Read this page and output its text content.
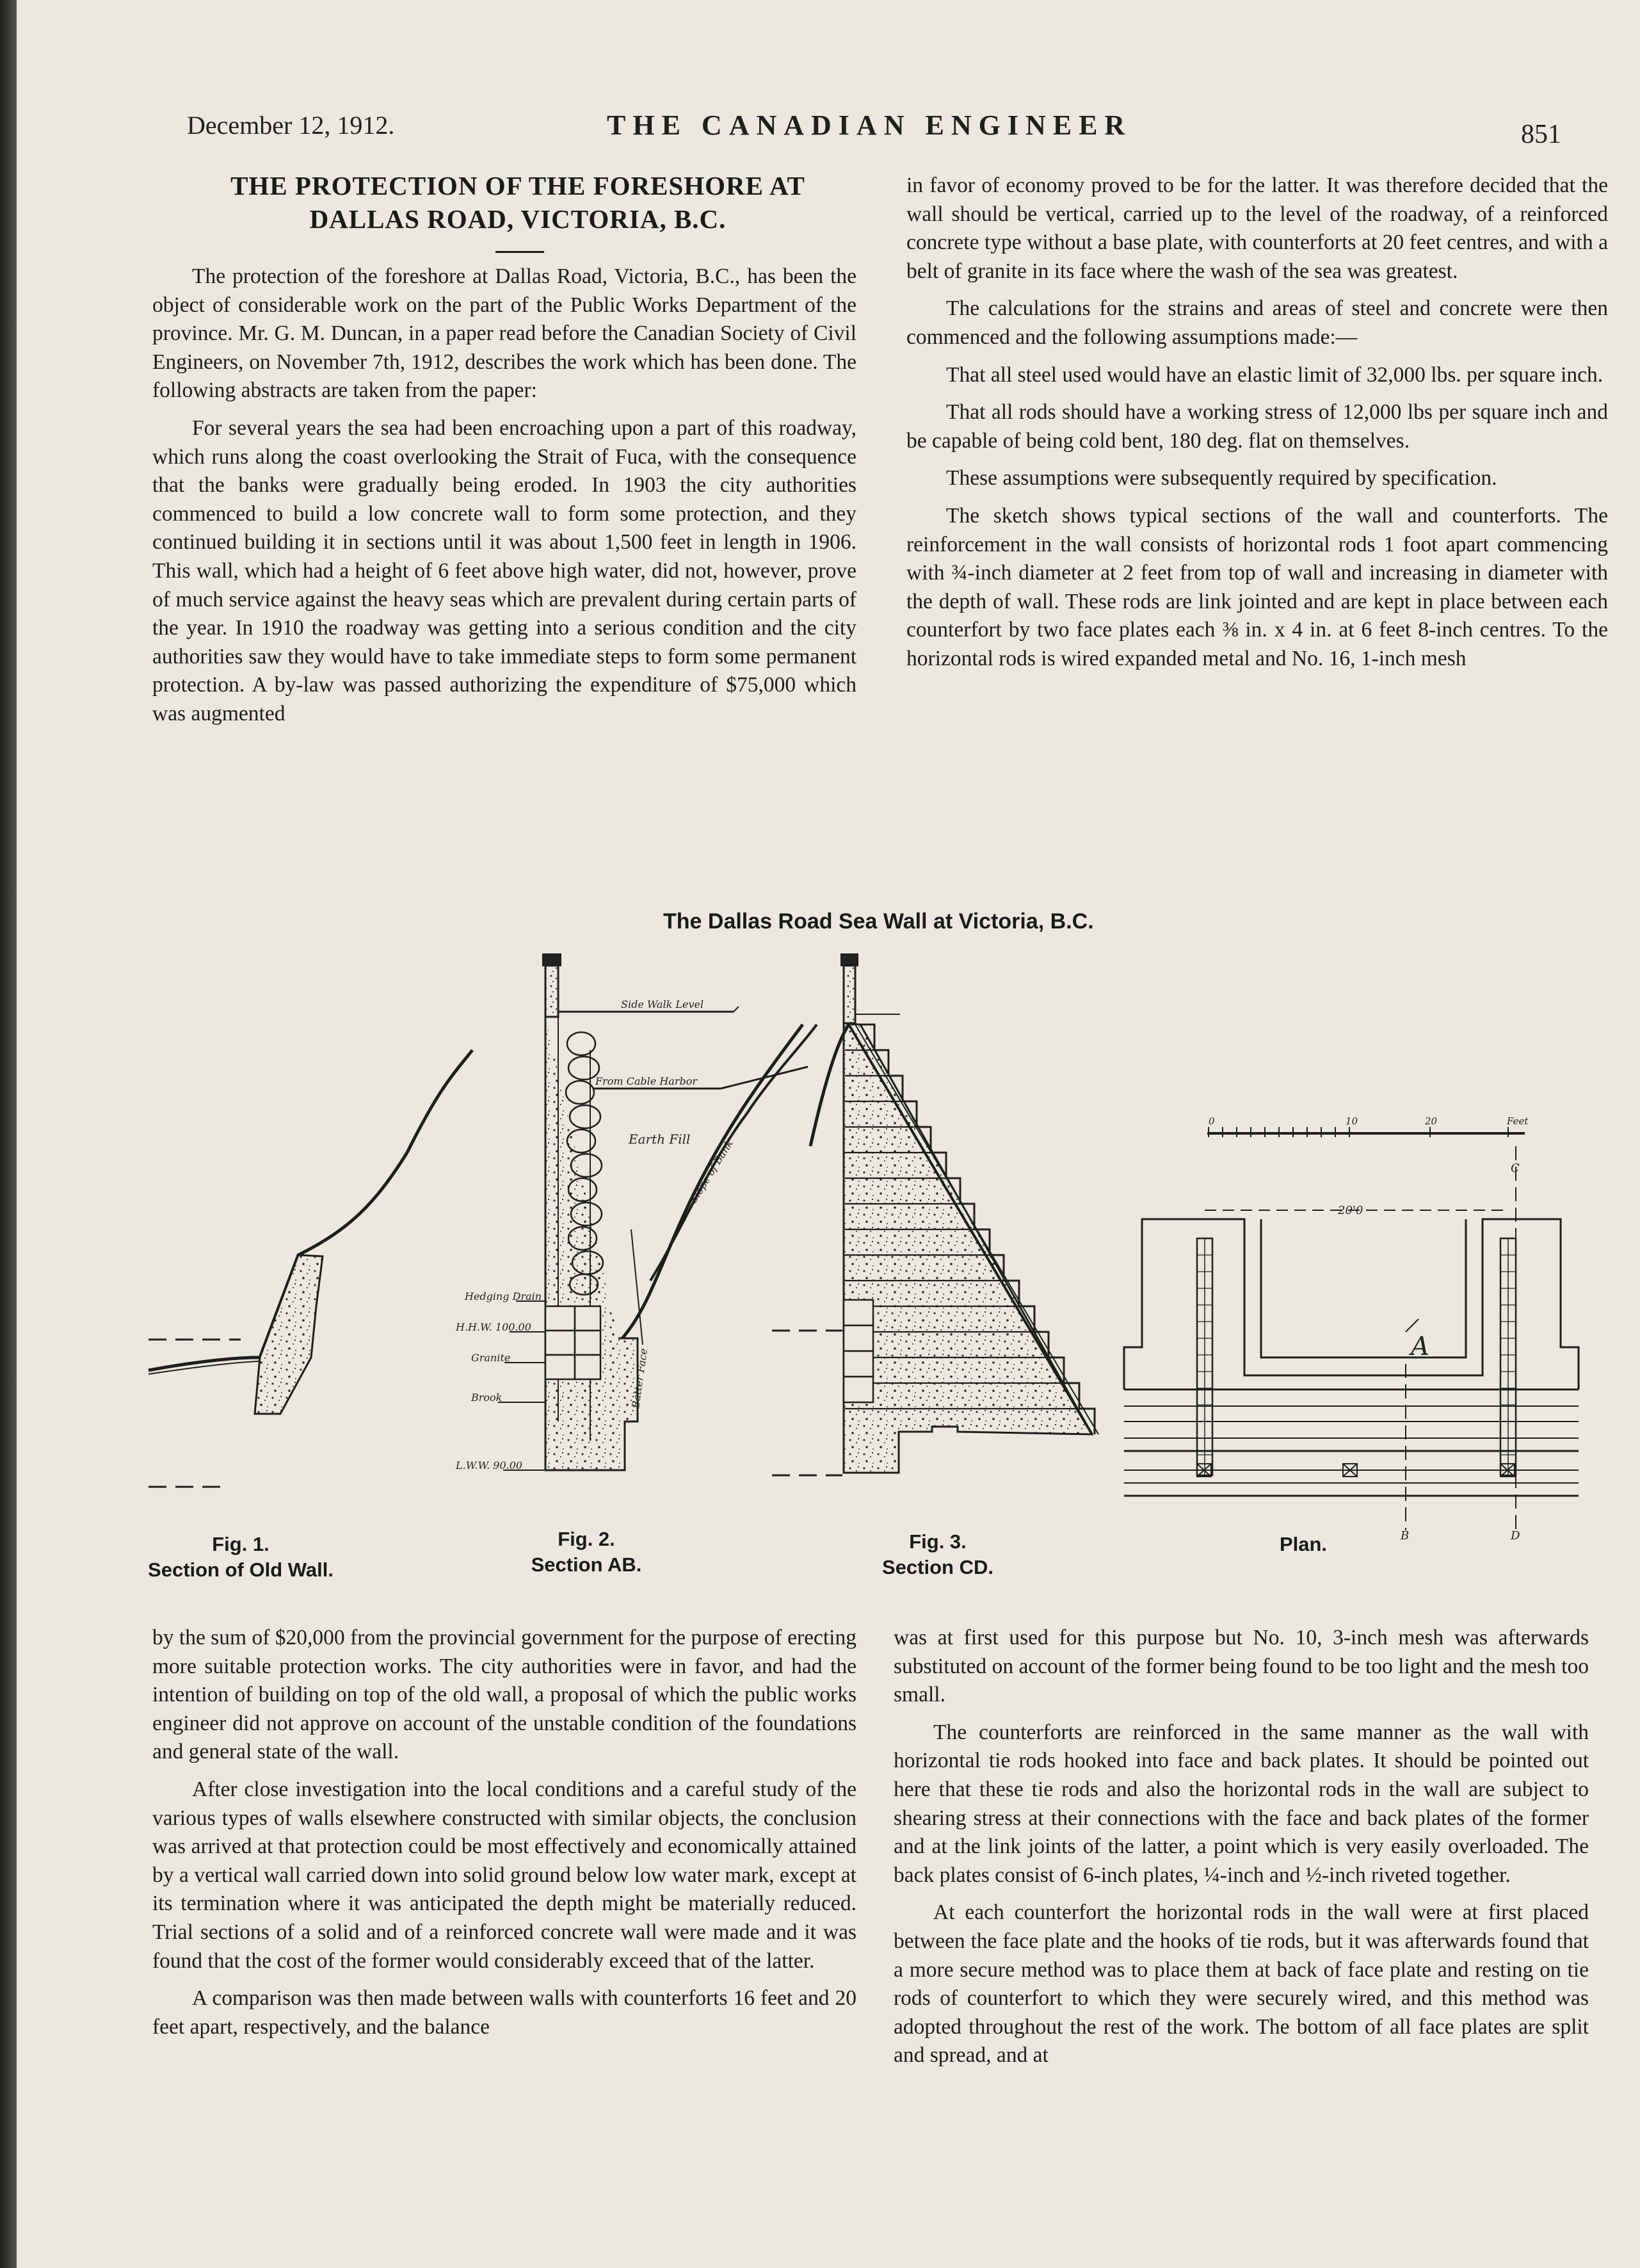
Side Walk Level
From Cable Harbor
Earth Fill
Slope of Bank
Hedging Drain
H.H.W. 100.00
Granite
Brook
L.W.W. 90.00
Batter Face
0	10	20	Feet
20'0
A
B
C
D
December 12, 1912.	THE CANADIAN ENGINEER	851
THE PROTECTION OF THE FORESHORE AT
DALLAS ROAD, VICTORIA, B.C.

The protection of the foreshore at Dallas Road, Victoria, B.C., has been the object of considerable work on the part of the Public Works Department of the province. Mr. G. M. Duncan, in a paper read before the Canadian Society of Civil Engineers, on November 7th, 1912, describes the work which has been done. The following abstracts are taken from the paper:

For several years the sea had been encroaching upon a part of this roadway, which runs along the coast overlooking the Strait of Fuca, with the consequence that the banks were gradually being eroded. In 1903 the city authorities commenced to build a low concrete wall to form some protection, and they continued building it in sections until it was about 1,500 feet in length in 1906. This wall, which had a height of 6 feet above high water, did not, however, prove of much service against the heavy seas which are prevalent during certain parts of the year. In 1910 the roadway was getting into a serious condition and the city authorities saw they would have to take immediate steps to form some permanent protection. A by-law was passed authorizing the expenditure of $75,000 which was augmented

in favor of economy proved to be for the latter. It was therefore decided that the wall should be vertical, carried up to the level of the roadway, of a reinforced concrete type without a base plate, with counterforts at 20 feet centres, and with a belt of granite in its face where the wash of the sea was greatest.

The calculations for the strains and areas of steel and concrete were then commenced and the following assumptions made:—

That all steel used would have an elastic limit of 32,000 lbs. per square inch.

That all rods should have a working stress of 12,000 lbs per square inch and be capable of being cold bent, 180 deg. flat on themselves.

These assumptions were subsequently required by specification.

The sketch shows typical sections of the wall and counterforts. The reinforcement in the wall consists of horizontal rods 1 foot apart commencing with ¾-inch diameter at 2 feet from top of wall and increasing in diameter with the depth of wall. These rods are link jointed and are kept in place between each counterfort by two face plates each ⅜ in. x 4 in. at 6 feet 8-inch centres. To the horizontal rods is wired expanded metal and No. 16, 1-inch mesh

The Dallas Road Sea Wall at Victoria, B.C.
Fig. 1.
Section of Old Wall.
Fig. 2.
Section AB.
Fig. 3.
Section CD.
Plan.

by the sum of $20,000 from the provincial government for the purpose of erecting more suitable protection works. The city authorities were in favor, and had the intention of building on top of the old wall, a proposal of which the public works engineer did not approve on account of the unstable condition of the foundations and general state of the wall.

After close investigation into the local conditions and a careful study of the various types of walls elsewhere constructed with similar objects, the conclusion was arrived at that protection could be most effectively and economically attained by a vertical wall carried down into solid ground below low water mark, except at its termination where it was anticipated the depth might be materially reduced. Trial sections of a solid and of a reinforced concrete wall were made and it was found that the cost of the former would considerably exceed that of the latter.

A comparison was then made between walls with counterforts 16 feet and 20 feet apart, respectively, and the balance

was at first used for this purpose but No. 10, 3-inch mesh was afterwards substituted on account of the former being found to be too light and the mesh too small.

The counterforts are reinforced in the same manner as the wall with horizontal tie rods hooked into face and back plates. It should be pointed out here that these tie rods and also the horizontal rods in the wall are subject to shearing stress at their connections with the face and back plates of the former and at the link joints of the latter, a point which is very easily overloaded. The back plates consist of 6-inch plates, ¼-inch and ½-inch riveted together.

At each counterfort the horizontal rods in the wall were at first placed between the face plate and the hooks of tie rods, but it was afterwards found that a more secure method was to place them at back of face plate and resting on tie rods of counterfort to which they were securely wired, and this method was adopted throughout the rest of the work. The bottom of all face plates are split and spread, and at
